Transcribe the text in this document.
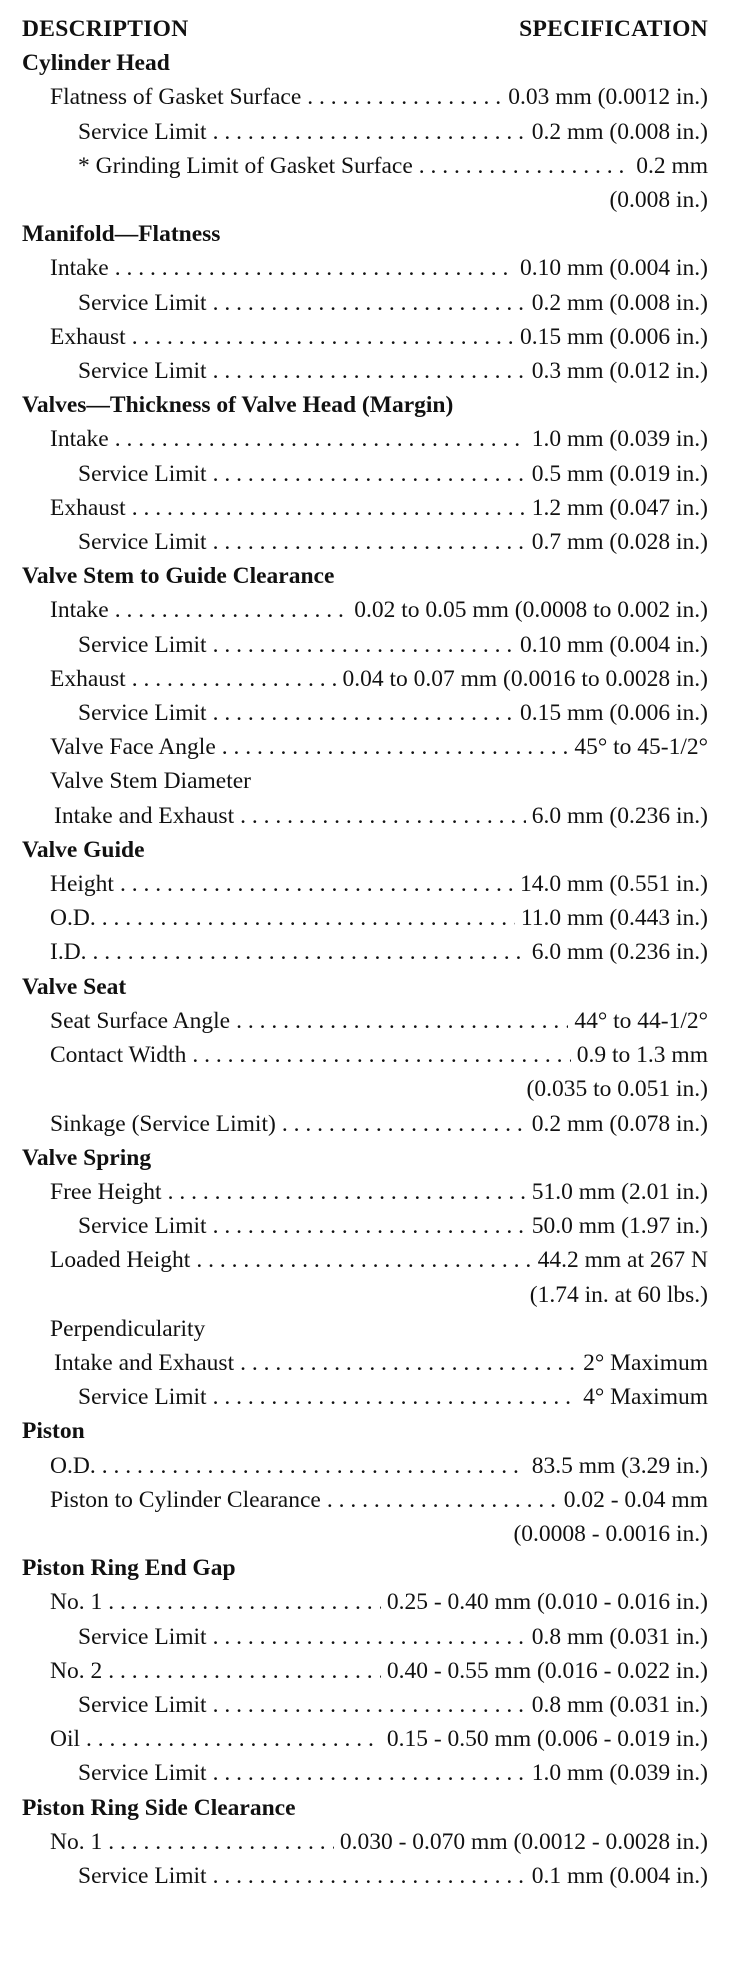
DESCRIPTION	SPECIFICATION
Cylinder Head
Flatness of Gasket Surface . . .	0.03 mm (0.0012 in.)
Service Limit . . .	0.2 mm (0.008 in.)
* Grinding Limit of Gasket Surface . . .	0.2 mm
(0.008 in.)
Manifold—Flatness
Intake . . .	0.10 mm (0.004 in.)
Service Limit . . .	0.2 mm (0.008 in.)
Exhaust . . .	0.15 mm (0.006 in.)
Service Limit . . .	0.3 mm (0.012 in.)
Valves—Thickness of Valve Head (Margin)
Intake . . .	1.0 mm (0.039 in.)
Service Limit . . .	0.5 mm (0.019 in.)
Exhaust . . .	1.2 mm (0.047 in.)
Service Limit . . .	0.7 mm (0.028 in.)
Valve Stem to Guide Clearance
Intake . . .	0.02 to 0.05 mm (0.0008 to 0.002 in.)
Service Limit . . .	0.10 mm (0.004 in.)
Exhaust . . .	0.04 to 0.07 mm (0.0016 to 0.0028 in.)
Service Limit . . .	0.15 mm (0.006 in.)
Valve Face Angle . . .	45° to 45-1/2°
Valve Stem Diameter
Intake and Exhaust . . .	6.0 mm (0.236 in.)
Valve Guide
Height . . .	14.0 mm (0.551 in.)
O.D. . . .	11.0 mm (0.443 in.)
I.D. . . .	6.0 mm (0.236 in.)
Valve Seat
Seat Surface Angle . . .	44° to 44-1/2°
Contact Width . . .	0.9 to 1.3 mm
(0.035 to 0.051 in.)
Sinkage (Service Limit) . . .	0.2 mm (0.078 in.)
Valve Spring
Free Height . . .	51.0 mm (2.01 in.)
Service Limit . . .	50.0 mm (1.97 in.)
Loaded Height . . .	44.2 mm at 267 N
(1.74 in. at 60 lbs.)
Perpendicularity
Intake and Exhaust . . .	2° Maximum
Service Limit . . .	4° Maximum
Piston
O.D. . . .	83.5 mm (3.29 in.)
Piston to Cylinder Clearance . . .	0.02 - 0.04 mm
(0.0008 - 0.0016 in.)
Piston Ring End Gap
No. 1 . . .	0.25 - 0.40 mm (0.010 - 0.016 in.)
Service Limit . . .	0.8 mm (0.031 in.)
No. 2 . . .	0.40 - 0.55 mm (0.016 - 0.022 in.)
Service Limit . . .	0.8 mm (0.031 in.)
Oil . . .	0.15 - 0.50 mm (0.006 - 0.019 in.)
Service Limit . . .	1.0 mm (0.039 in.)
Piston Ring Side Clearance
No. 1 . . .	0.030 - 0.070 mm (0.0012 - 0.0028 in.)
Service Limit . . .	0.1 mm (0.004 in.)
